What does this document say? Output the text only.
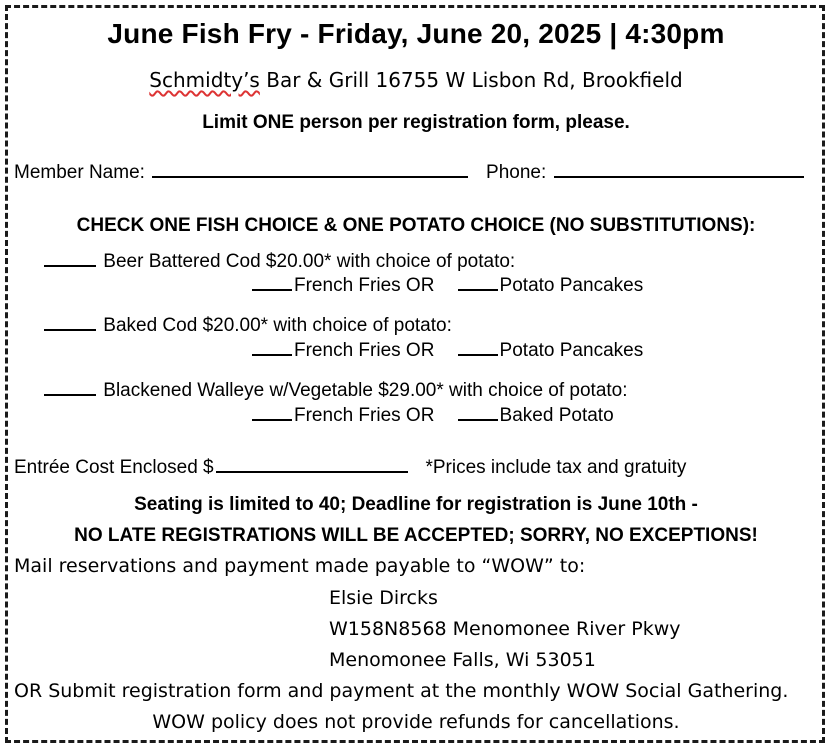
June Fish Fry - Friday, June 20, 2025 | 4:30pm
Schmidty’s Bar & Grill 16755 W Lisbon Rd, Brookfield
Limit ONE person per registration form, please.
Member Name:	Phone:
CHECK ONE FISH CHOICE & ONE POTATO CHOICE (NO SUBSTITUTIONS):
Beer Battered Cod $20.00* with choice of potato:
French Fries OR	Potato Pancakes
Baked Cod $20.00* with choice of potato:
French Fries OR	Potato Pancakes
Blackened Walleye w/Vegetable $29.00* with choice of potato:
French Fries OR	Baked Potato
Entrée Cost Enclosed $	*Prices include tax and gratuity
Seating is limited to 40; Deadline for registration is June 10th -
NO LATE REGISTRATIONS WILL BE ACCEPTED; SORRY, NO EXCEPTIONS!
Mail reservations and payment made payable to “WOW” to:
Elsie Dircks
W158N8568 Menomonee River Pkwy
Menomonee Falls, Wi 53051
OR Submit registration form and payment at the monthly WOW Social Gathering.
WOW policy does not provide refunds for cancellations.
